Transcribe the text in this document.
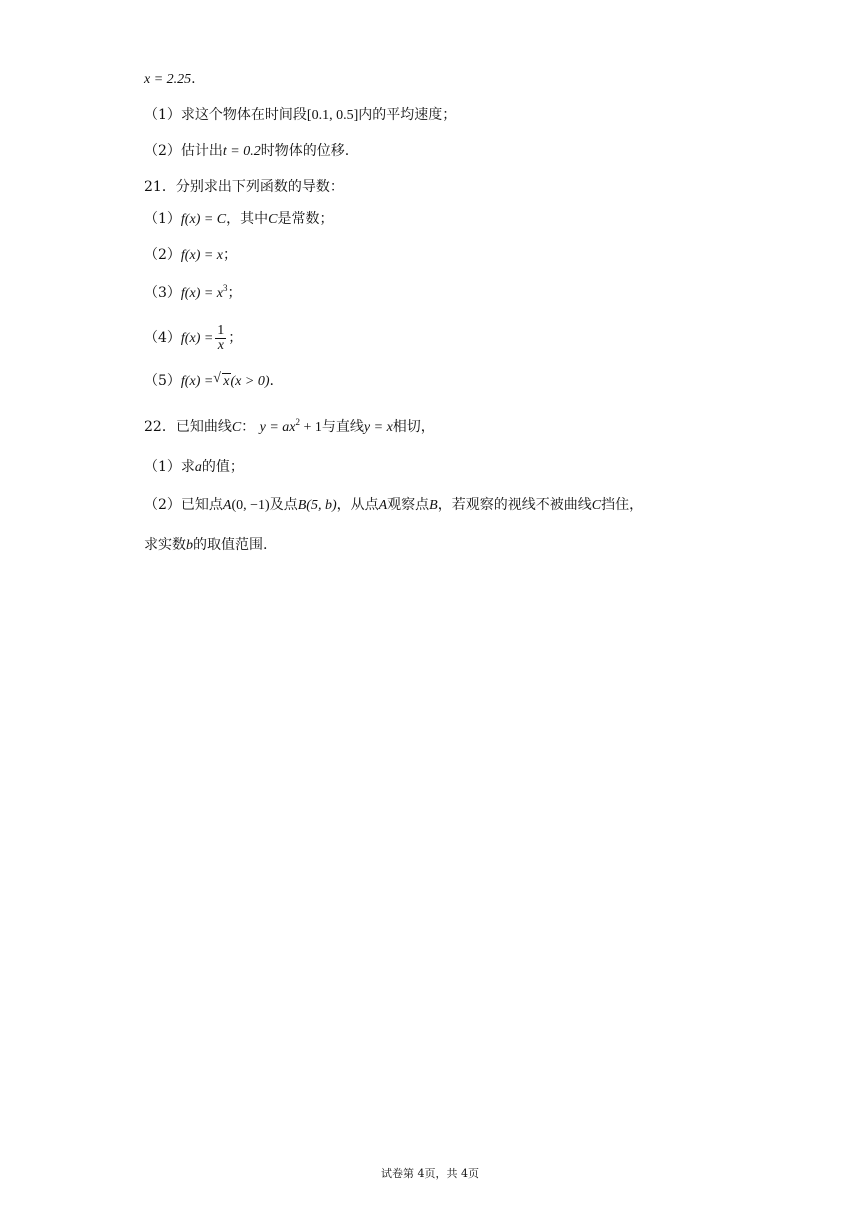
x = 2.25.
（1）求这个物体在时间段[0.1, 0.5]内的平均速度；
（2）估计出t = 0.2时物体的位移.
21．分别求出下列函数的导数：
（1）f(x) = C，其中C是常数；
（2）f(x) = x；
$(3)f(x) = x^3$；
$(4)f(x) = \frac{1}{x}$ ；
（5）f(x) = √ x(x > 0).
22．已知曲线C： $y = ax^2 + 1$与直线y = x相切，
（1）求a的值；
（2）已知点A(0, −1)及点B(5, b)，从点A观察点B，若观察的视线不被曲线C挡住，
求实数b的取值范围.
试卷第 4页，共 4页
